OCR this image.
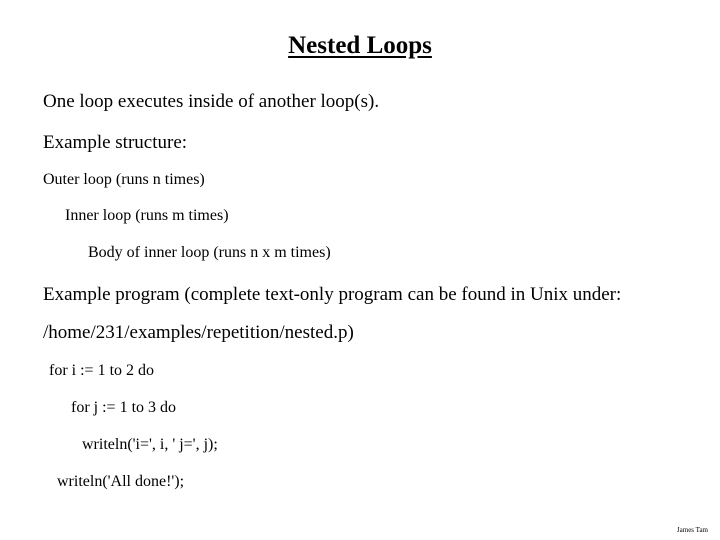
Nested Loops
One loop executes inside of another loop(s).
Example structure:
Outer loop (runs n times)
Inner loop (runs m times)
Body of inner loop (runs n x m times)
Example program (complete text-only program can be found in Unix under:
/home/231/examples/repetition/nested.p)
for i := 1 to 2 do
for j := 1 to 3 do
writeln('i=', i, ' j=', j);
writeln('All done!');
James Tam
